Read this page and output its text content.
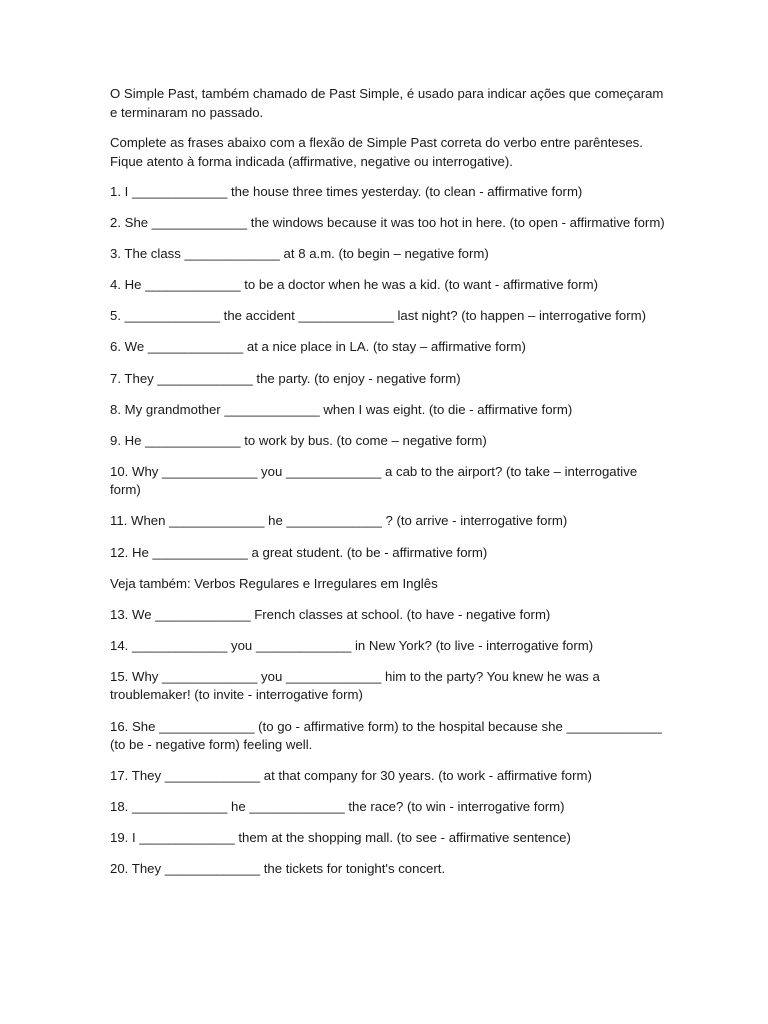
O Simple Past, também chamado de Past Simple, é usado para indicar ações que começaram e terminaram no passado.

Complete as frases abaixo com a flexão de Simple Past correta do verbo entre parênteses. Fique atento à forma indicada (affirmative, negative ou interrogative).

1. I _____________ the house three times yesterday. (to clean - affirmative form)

2. She _____________ the windows because it was too hot in here. (to open - affirmative form)

3. The class _____________ at 8 a.m. (to begin – negative form)

4. He _____________ to be a doctor when he was a kid. (to want - affirmative form)

5. _____________ the accident _____________ last night? (to happen – interrogative form)

6. We _____________ at a nice place in LA. (to stay – affirmative form)

7. They _____________ the party. (to enjoy - negative form)

8. My grandmother _____________ when I was eight. (to die - affirmative form)

9. He _____________ to work by bus. (to come – negative form)

10. Why _____________ you _____________ a cab to the airport? (to take – interrogative form)

11. When _____________ he _____________ ? (to arrive - interrogative form)

12. He _____________ a great student. (to be - affirmative form)

Veja também: Verbos Regulares e Irregulares em Inglês

13. We _____________ French classes at school. (to have - negative form)

14. _____________ you _____________ in New York? (to live - interrogative form)

15. Why _____________ you _____________ him to the party? You knew he was a troublemaker! (to invite - interrogative form)

16. She _____________ (to go - affirmative form) to the hospital because she _____________ (to be - negative form) feeling well.

17. They _____________ at that company for 30 years. (to work - affirmative form)

18. _____________ he _____________ the race? (to win - interrogative form)

19. I _____________ them at the shopping mall. (to see - affirmative sentence)

20. They _____________ the tickets for tonight's concert.
